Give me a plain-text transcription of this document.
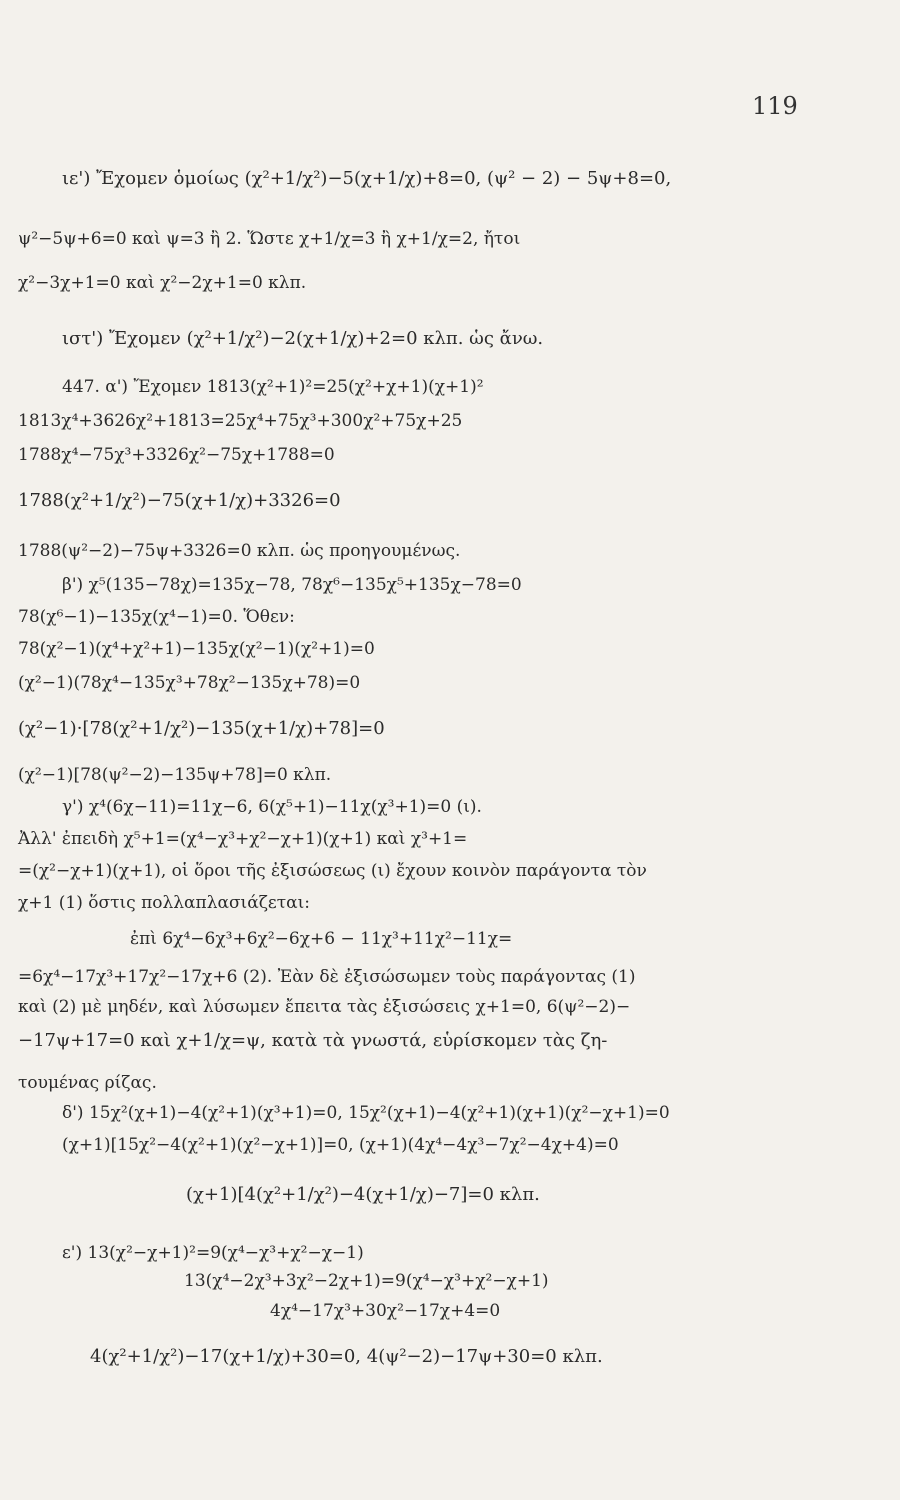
119
ιε') Ἔχομεν ὁμοίως (χ²+1/χ²)−5(χ+1/χ)+8=0, (ψ² − 2) − 5ψ+8=0,
ψ²−5ψ+6=0 καὶ ψ=3 ἢ 2. Ὥστε χ+1/χ=3 ἢ χ+1/χ=2, ἤτοι
χ²−3χ+1=0 καὶ χ²−2χ+1=0 κλπ.
ιστ') Ἔχομεν (χ²+1/χ²)−2(χ+1/χ)+2=0 κλπ. ὡς ἄνω.
447. α') Ἔχομεν 1813(χ²+1)²=25(χ²+χ+1)(χ+1)²
1813χ⁴+3626χ²+1813=25χ⁴+75χ³+300χ²+75χ+25
1788χ⁴−75χ³+3326χ²−75χ+1788=0
1788(χ²+1/χ²)−75(χ+1/χ)+3326=0
1788(ψ²−2)−75ψ+3326=0 κλπ. ὡς προηγουμένως.
β') χ⁵(135−78χ)=135χ−78, 78χ⁶−135χ⁵+135χ−78=0
78(χ⁶−1)−135χ(χ⁴−1)=0. Ὅθεν:
78(χ²−1)(χ⁴+χ²+1)−135χ(χ²−1)(χ²+1)=0
(χ²−1)(78χ⁴−135χ³+78χ²−135χ+78)=0
(χ²−1)·[78(χ²+1/χ²)−135(χ+1/χ)+78]=0
(χ²−1)[78(ψ²−2)−135ψ+78]=0 κλπ.
γ') χ⁴(6χ−11)=11χ−6, 6(χ⁵+1)−11χ(χ³+1)=0 (ι).
Ἀλλ' ἐπειδὴ χ⁵+1=(χ⁴−χ³+χ²−χ+1)(χ+1) καὶ χ³+1=
=(χ²−χ+1)(χ+1), οἱ ὅροι τῆς ἐξισώσεως (ι) ἔχουν κοινὸν παράγοντα τὸν
χ+1 (1) ὅστις πολλαπλασιάζεται:
ἐπὶ 6χ⁴−6χ³+6χ²−6χ+6 − 11χ³+11χ²−11χ=
=6χ⁴−17χ³+17χ²−17χ+6 (2). Ἐὰν δὲ ἐξισώσωμεν τοὺς παράγοντας (1)
καὶ (2) μὲ μηδέν, καὶ λύσωμεν ἔπειτα τὰς ἐξισώσεις χ+1=0, 6(ψ²−2)−
−17ψ+17=0 καὶ χ+1/χ=ψ, κατὰ τὰ γνωστά, εὑρίσκομεν τὰς ζη-
τουμένας ρίζας.
δ') 15χ²(χ+1)−4(χ²+1)(χ³+1)=0, 15χ²(χ+1)−4(χ²+1)(χ+1)(χ²−χ+1)=0
(χ+1)[15χ²−4(χ²+1)(χ²−χ+1)]=0, (χ+1)(4χ⁴−4χ³−7χ²−4χ+4)=0
(χ+1)[4(χ²+1/χ²)−4(χ+1/χ)−7]=0 κλπ.
ε') 13(χ²−χ+1)²=9(χ⁴−χ³+χ²−χ−1)
13(χ⁴−2χ³+3χ²−2χ+1)=9(χ⁴−χ³+χ²−χ+1)
4χ⁴−17χ³+30χ²−17χ+4=0
4(χ²+1/χ²)−17(χ+1/χ)+30=0, 4(ψ²−2)−17ψ+30=0 κλπ.
